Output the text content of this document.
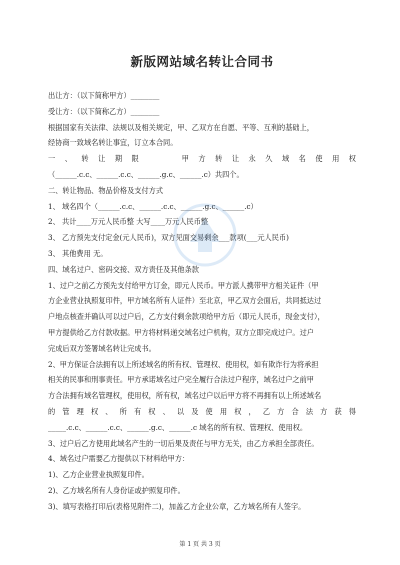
新版网站域名转让合同书
出让方：（以下简称甲方）________
受让方：（以下简称乙方）________
根据国家有关法律、法规以及相关规定，甲、乙双方在自愿、平等、互利的基础上，
经协商一致域名转让事宜，订立本合同。
一、转让期限　　甲方转让永久域名使用权
（______.c.c、______.c.c、______.g.c、______.c）共四个。
二、转让物品、物品价格及支付方式
1、 域名四个（______.c.c、______.c.c、______.g.c、______.c）
2、 共计____万元人民币整 大写____万元人民币整
3、 乙方预先支付定金(元人民币)，双方见面交易剩余___款项(___元人民币)
3、 其他费用 无。
四、域名过户、密码交接、双方责任及其他条款
1、过户之前乙方预先支付给甲方订金，即元人民币。甲方派人携带甲方相关证件（甲
方企业营业执照复印件，甲方域名所有人证件）至北京，甲乙双方会面后，共同抵达过
户地点核查并确认可以过户后，乙方支付剩余款项给甲方后（即元人民币，现金支付），
甲方提供给乙方付款收据。甲方将材料递交域名过户机构，双方立即完成过户。过户
完成后双方签署域名转让完成书。
2、甲方保证合法拥有以上所述域名的所有权、管理权、使用权，如有欺诈行为将承担
相关的民事和刑事责任。甲方承诺域名过户完全履行合法过户程序，域名过户之前甲
方合法拥有域名管理权，使用权，所有权，域名过户以后甲方将不再拥有以上所述域名
的管理权、所有权、以及使用权，乙方合法方获得
_____.c.c、______.c.c、______.g.c、______.c 域名的所有权、管理权、使用权。
3、过户后乙方使用此域名产生的一切后果及责任与甲方无关，由乙方承担全部责任。
4、域名过户需要乙方提供以下材料给甲方：
1)、乙方企业营业执照复印件。
2)、乙方域名所有人身份证或护照复印件。
3)、填写表格打印后(表格见附件二)，加盖乙方企业公章，乙方域名所有人签字。
第 1 页 共 3 页
